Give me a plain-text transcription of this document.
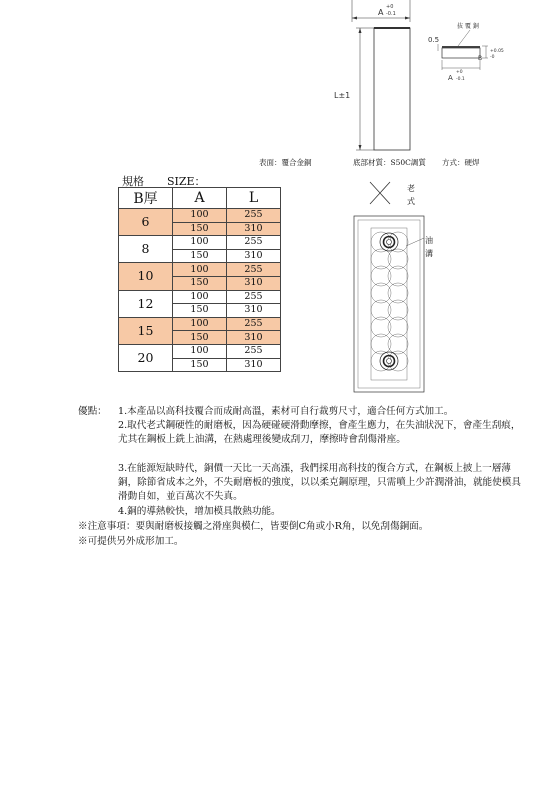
A
+0
-0.1
L±1
抜 覆 銅
0.5
B
+0.05
-0
A
+0
-0.1
表面：覆合金銅	底部材質：S50C調質 方式：硬焊
老
式
油
溝
規格 SIZE：
B厚	A	L
6	100	255
	150	310
8	100	255
	150	310
10	100	255
	150	310
12	100	255
	150	310
15	100	255
	150	310
20	100	255
	150	310
優點： 1.本產品以高科技覆合而成耐高溫，素材可自行裁剪尺寸，適合任何方式加工。
2.取代老式鋼硬性的耐磨板，因為硬碰硬滑動摩擦，會產生應力，在失油狀況下，會產生刮痕，尤其在鋼板上銑上油溝，在熱處理後變成刮刀，摩擦時會刮傷滑座。
3.在能源短缺時代，銅價一天比一天高漲，我們採用高科技的復合方式，在鋼板上披上一層薄銅，除節省成本之外，不失耐磨板的強度，以以柔克鋼原理，只需噴上少許潤滑油，就能使模具滑動自如，並百萬次不失真。
4.銅的導熱較快，增加模具散熱功能。
※注意事項：要與耐磨板接觸之滑座與模仁，皆要倒C角或小R角，以免刮傷銅面。
※可提供另外成形加工。
